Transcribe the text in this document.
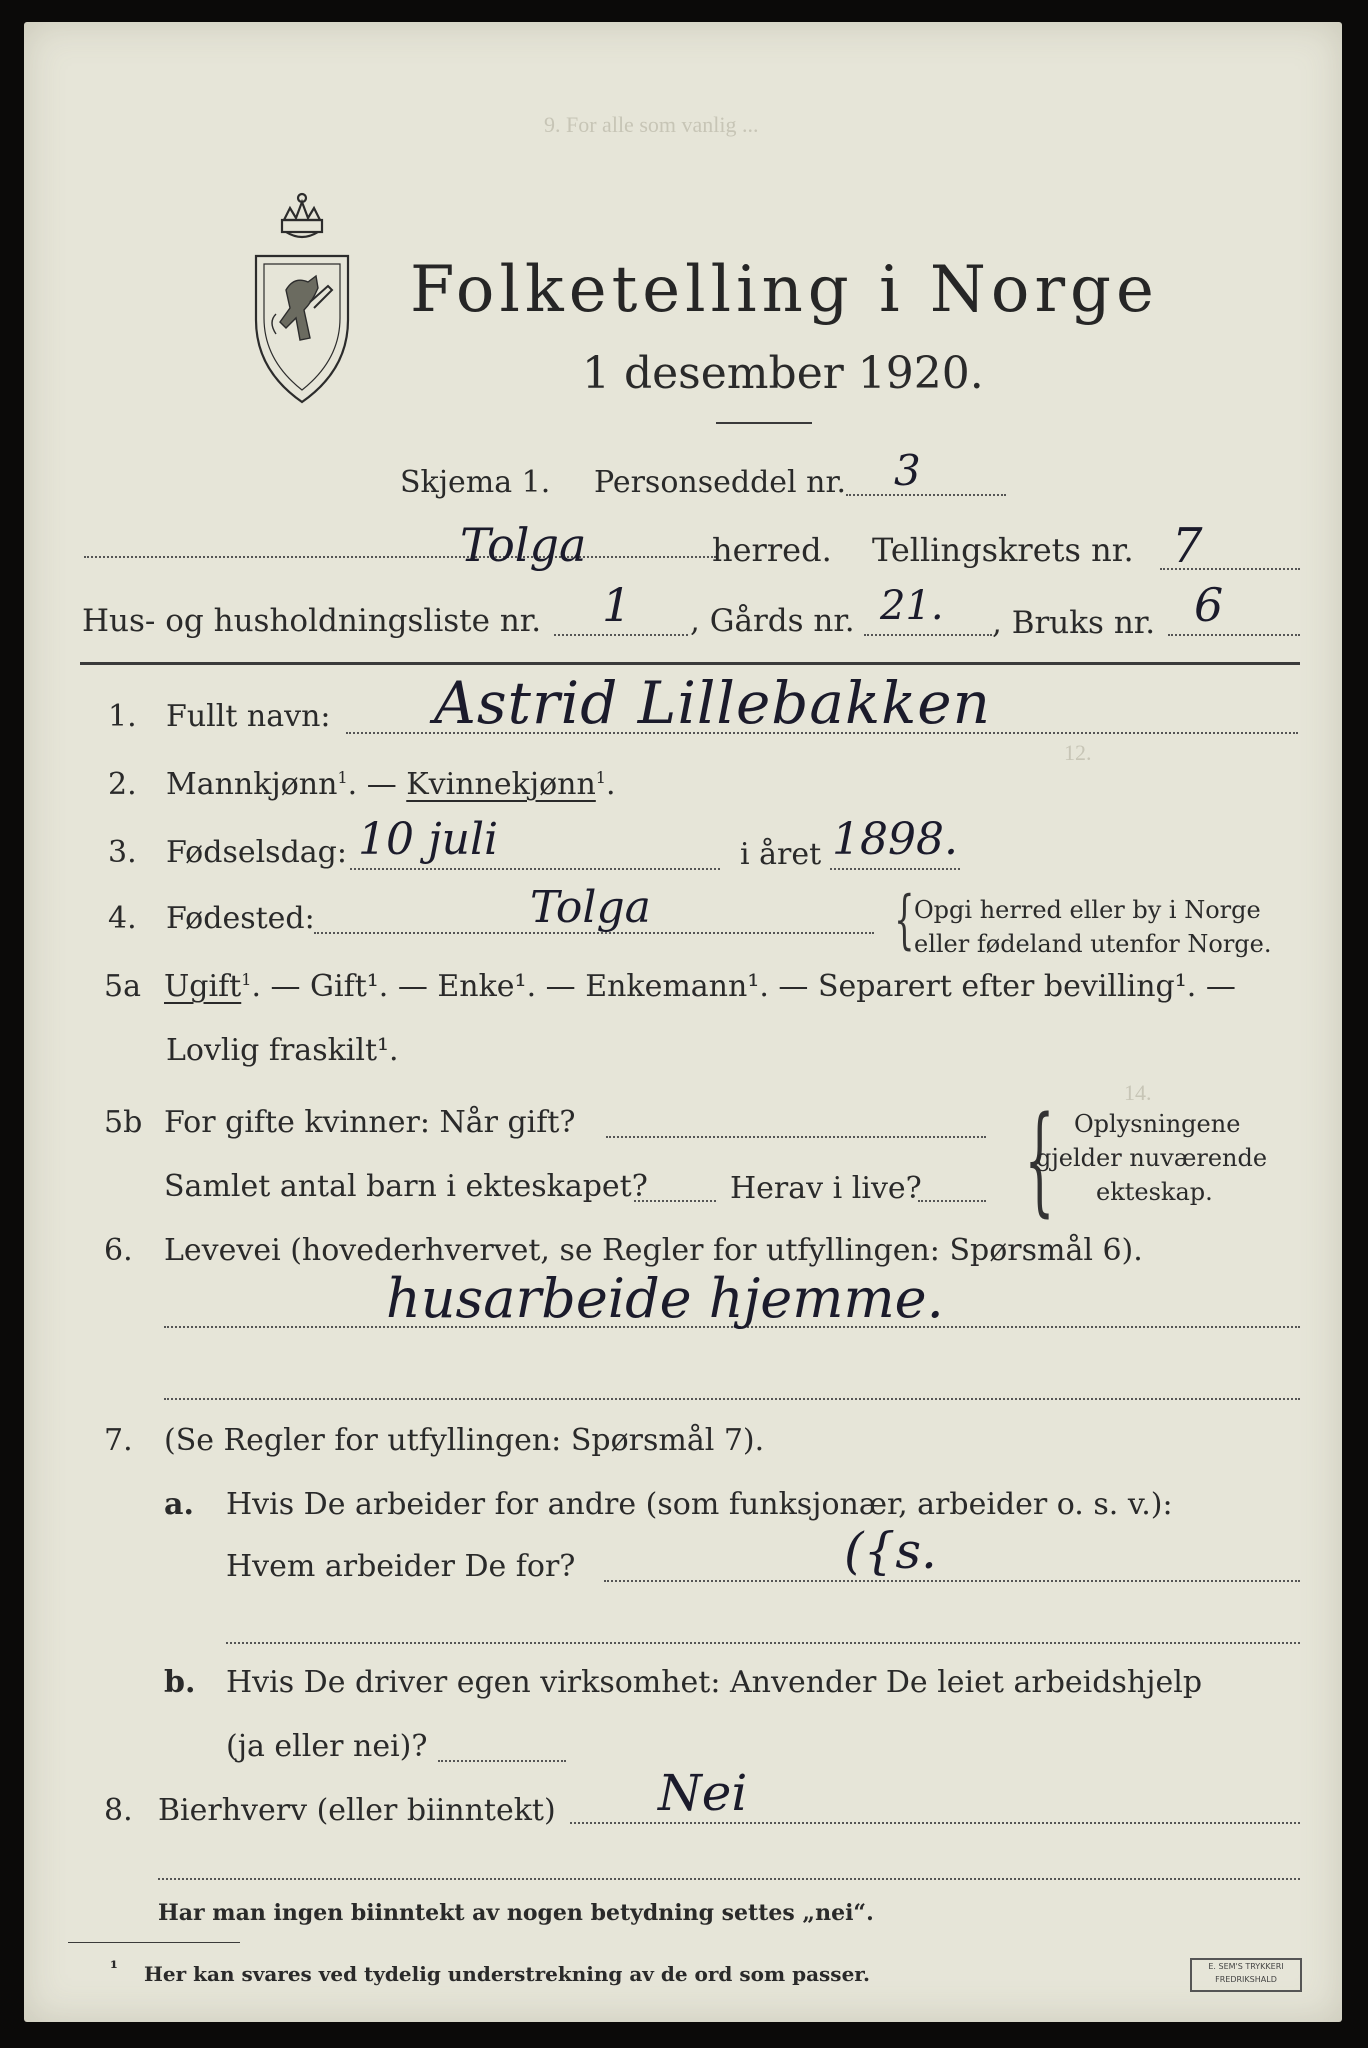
9. For alle som vanlig ...
12.
14.
Folketelling i Norge
1 desember 1920.
Skjema 1. Personseddel nr. 3
Tolga	herred. Tellingskrets nr. 7
Hus- og husholdningsliste nr. 1 , Gårds nr. 21. , Bruks nr. 6
1. Fullt navn: Astrid Lillebakken
2. Mannkjønn$^1$. — Kvinnekjønn$^1$.
3. Fødselsdag: 10 juli	i året 1898.
4. Fødested:	Tolga	{ Opgi herred eller by i Norge
eller fødeland utenfor Norge.
5a Ugift$^1$. — Gift¹. — Enke¹. — Enkemann¹. — Separert efter bevilling¹. —
Lovlig fraskilt¹.
5b For gifte kvinner: Når gift?
Samlet antal barn i ekteskapet?	Herav i live? { Oplysningene
gjelder nuværende
ekteskap.
6. Levevei (hovederhvervet, se Regler for utfyllingen: Spørsmål 6).
husarbeide hjemme.
7. (Se Regler for utfyllingen: Spørsmål 7).
a. Hvis De arbeider for andre (som funksjonær, arbeider o. s. v.):
Hvem arbeider De for?	({s.
b. Hvis De driver egen virksomhet: Anvender De leiet arbeidshjelp
(ja eller nei)?
8. Bierhverv (eller biinntekt) Nei
Har man ingen biinntekt av nogen betydning settes „nei“.
¹ Her kan svares ved tydelig understrekning av de ord som passer.	E. SEM'S TRYKKERI
FREDRIKSHALD
